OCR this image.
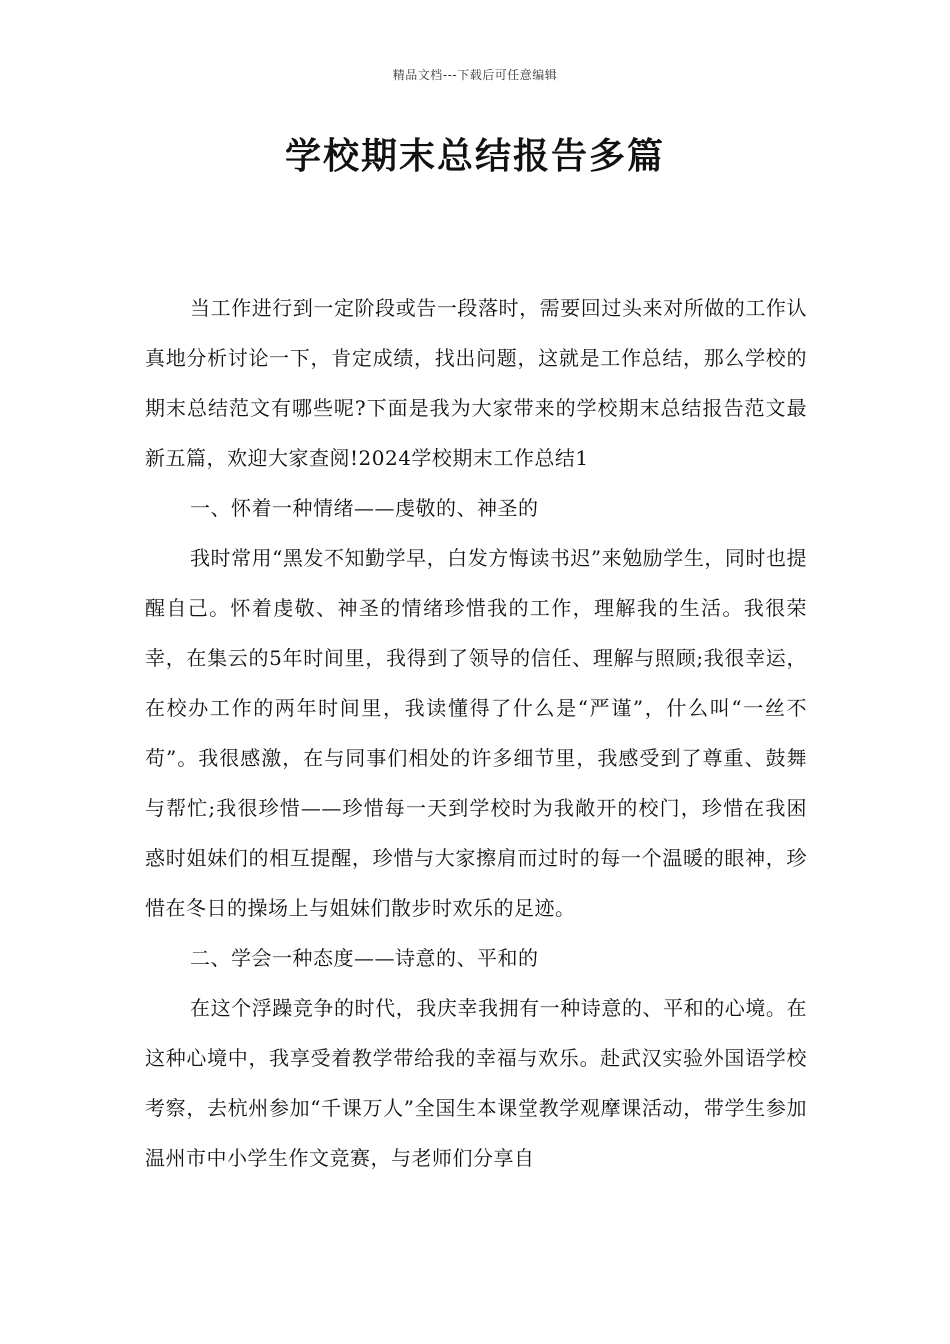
精品文档---下载后可任意编辑
学校期末总结报告多篇

当工作进行到一定阶段或告一段落时，需要回过头来对所做的工作认真地分析讨论一下，肯定成绩，找出问题，这就是工作总结，那么学校的期末总结范文有哪些呢?下面是我为大家带来的学校期末总结报告范文最新五篇，欢迎大家查阅!2024学校期末工作总结1

一、怀着一种情绪——虔敬的、神圣的

我时常用“黑发不知勤学早，白发方悔读书迟”来勉励学生，同时也提醒自己。怀着虔敬、神圣的情绪珍惜我的工作，理解我的生活。我很荣幸，在集云的5年时间里，我得到了领导的信任、理解与照顾;我很幸运，在校办工作的两年时间里，我读懂得了什么是“严谨”，什么叫“一丝不苟”。我很感激，在与同事们相处的许多细节里，我感受到了尊重、鼓舞与帮忙;我很珍惜——珍惜每一天到学校时为我敞开的校门，珍惜在我困惑时姐妹们的相互提醒，珍惜与大家擦肩而过时的每一个温暖的眼神，珍惜在冬日的操场上与姐妹们散步时欢乐的足迹。

二、学会一种态度——诗意的、平和的

在这个浮躁竞争的时代，我庆幸我拥有一种诗意的、平和的心境。在这种心境中，我享受着教学带给我的幸福与欢乐。赴武汉实验外国语学校考察，去杭州参加“千课万人”全国生本课堂教学观摩课活动，带学生参加温州市中小学生作文竞赛，与老师们分享自
